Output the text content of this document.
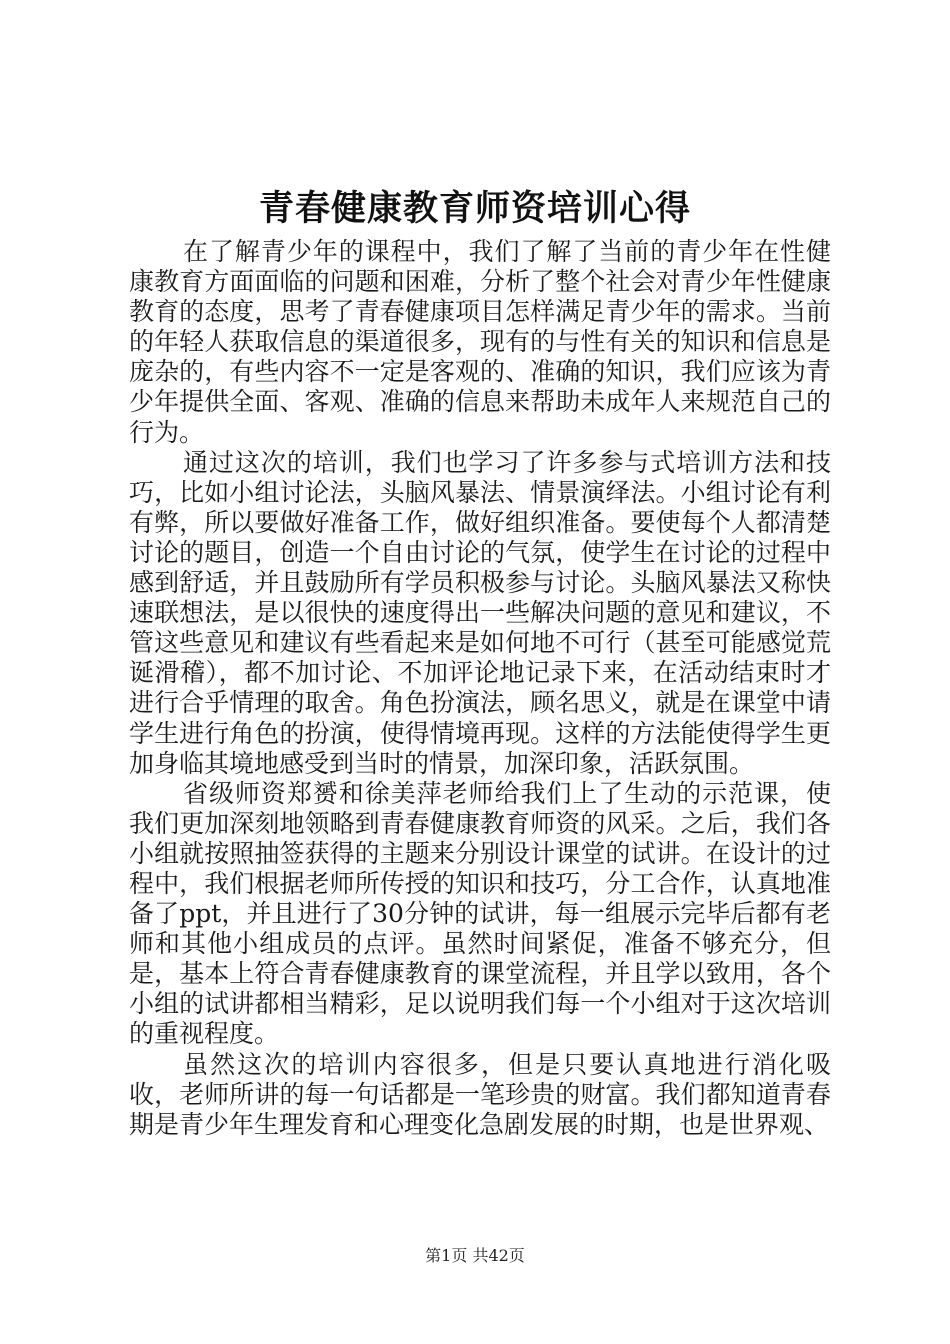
青春健康教育师资培训心得

在了解青少年的课程中，我们了解了当前的青少年在性健康教育方面面临的问题和困难，分析了整个社会对青少年性健康教育的态度，思考了青春健康项目怎样满足青少年的需求。当前的年轻人获取信息的渠道很多，现有的与性有关的知识和信息是庞杂的，有些内容不一定是客观的、准确的知识，我们应该为青少年提供全面、客观、准确的信息来帮助未成年人来规范自己的行为。

通过这次的培训，我们也学习了许多参与式培训方法和技巧，比如小组讨论法，头脑风暴法、情景演绎法。小组讨论有利有弊，所以要做好准备工作，做好组织准备。要使每个人都清楚讨论的题目，创造一个自由讨论的气氛，使学生在讨论的过程中感到舒适，并且鼓励所有学员积极参与讨论。头脑风暴法又称快速联想法，是以很快的速度得出一些解决问题的意见和建议，不管这些意见和建议有些看起来是如何地不可行（甚至可能感觉荒诞滑稽），都不加讨论、不加评论地记录下来，在活动结束时才进行合乎情理的取舍。角色扮演法，顾名思义，就是在课堂中请学生进行角色的扮演，使得情境再现。这样的方法能使得学生更加身临其境地感受到当时的情景，加深印象，活跃氛围。

省级师资郑赟和徐美萍老师给我们上了生动的示范课，使我们更加深刻地领略到青春健康教育师资的风采。之后，我们各小组就按照抽签获得的主题来分别设计课堂的试讲。在设计的过程中，我们根据老师所传授的知识和技巧，分工合作，认真地准备了ppt，并且进行了30分钟的试讲，每一组展示完毕后都有老师和其他小组成员的点评。虽然时间紧促，准备不够充分，但是，基本上符合青春健康教育的课堂流程，并且学以致用，各个小组的试讲都相当精彩，足以说明我们每一个小组对于这次培训的重视程度。

虽然这次的培训内容很多，但是只要认真地进行消化吸收，老师所讲的每一句话都是一笔珍贵的财富。我们都知道青春期是青少年生理发育和心理变化急剧发展的时期，也是世界观、

第1页 共42页
